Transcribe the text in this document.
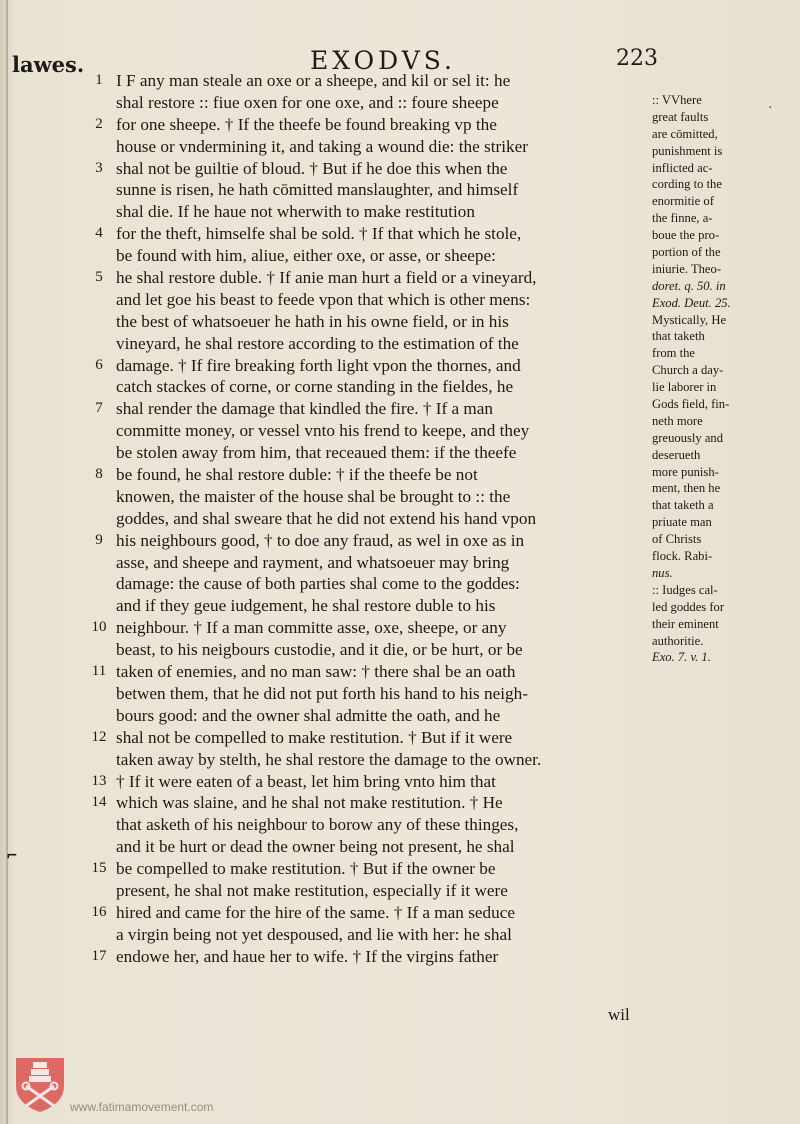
lawes.	EXODVS.	223
1 I F any man steale an oxe or a sheepe, and kil or sel it: he
shal restore :: fiue oxen for one oxe, and :: foure sheepe
2 for one sheepe. † If the theefe be found breaking vp the
house or vndermining it, and taking a wound die: the striker
3 shal not be guiltie of bloud. † But if he doe this when the
sunne is risen, he hath cōmitted manslaughter, and himself
shal die. If he haue not wherwith to make restitution
4 for the theft, himselfe shal be sold. † If that which he stole,
be found with him, aliue, either oxe, or asse, or sheepe:
5 he shal restore duble. † If anie man hurt a field or a vineyard,
and let goe his beast to feede vpon that which is other mens:
the best of whatsoeuer he hath in his owne field, or in his
vineyard, he shal restore according to the estimation of the
6 damage. † If fire breaking forth light vpon the thornes, and
catch stackes of corne, or corne standing in the fieldes, he
7 shal render the damage that kindled the fire. † If a man
committe money, or vessel vnto his frend to keepe, and they
be stolen away from him, that receaued them: if the theefe
8 be found, he shal restore duble: † if the theefe be not
knowen, the maister of the house shal be brought to :: the
goddes, and shal sweare that he did not extend his hand vpon
9 his neighbours good, † to doe any fraud, as wel in oxe as in
asse, and sheepe and rayment, and whatsoeuer may bring
damage: the cause of both parties shal come to the goddes:
and if they geue iudgement, he shal restore duble to his
10 neighbour. † If a man committe asse, oxe, sheepe, or any
beast, to his neigbours custodie, and it die, or be hurt, or be
11 taken of enemies, and no man saw: † there shal be an oath
betwen them, that he did not put forth his hand to his neigh-
bours good: and the owner shal admitte the oath, and he
12 shal not be compelled to make restitution. † But if it were
taken away by stelth, he shal restore the damage to the owner.
13 † If it were eaten of a beast, let him bring vnto him that
14 which was slaine, and he shal not make restitution. † He
that asketh of his neighbour to borow any of these thinges,
and it be hurt or dead the owner being not present, he shal
15 be compelled to make restitution. † But if the owner be
present, he shal not make restitution, especially if it were
16 hired and came for the hire of the same. † If a man seduce
a virgin being not yet despoused, and lie with her: he shal
17 endowe her, and haue her to wife. † If the virgins father
:: VVhere
great faults
are cōmitted,
punishment is
inflicted ac-
cording to the
enormitie of
the finne, a-
boue the pro-
portion of the
iniurie. Theo-
doret. q. 50. in
Exod. Deut. 25.
Mystically, He
that taketh
from the
Church a day-
lie laborer in
Gods field, fin-
neth more
greuously and
deserueth
more punish-
ment, then he
that taketh a
priuate man
of Christs
flock. Rabi-
nus.
:: Iudges cal-
led goddes for
their eminent
authoritie.
Exo. 7. v. 1.
·
⌐
wil
www.fatimamovement.com
